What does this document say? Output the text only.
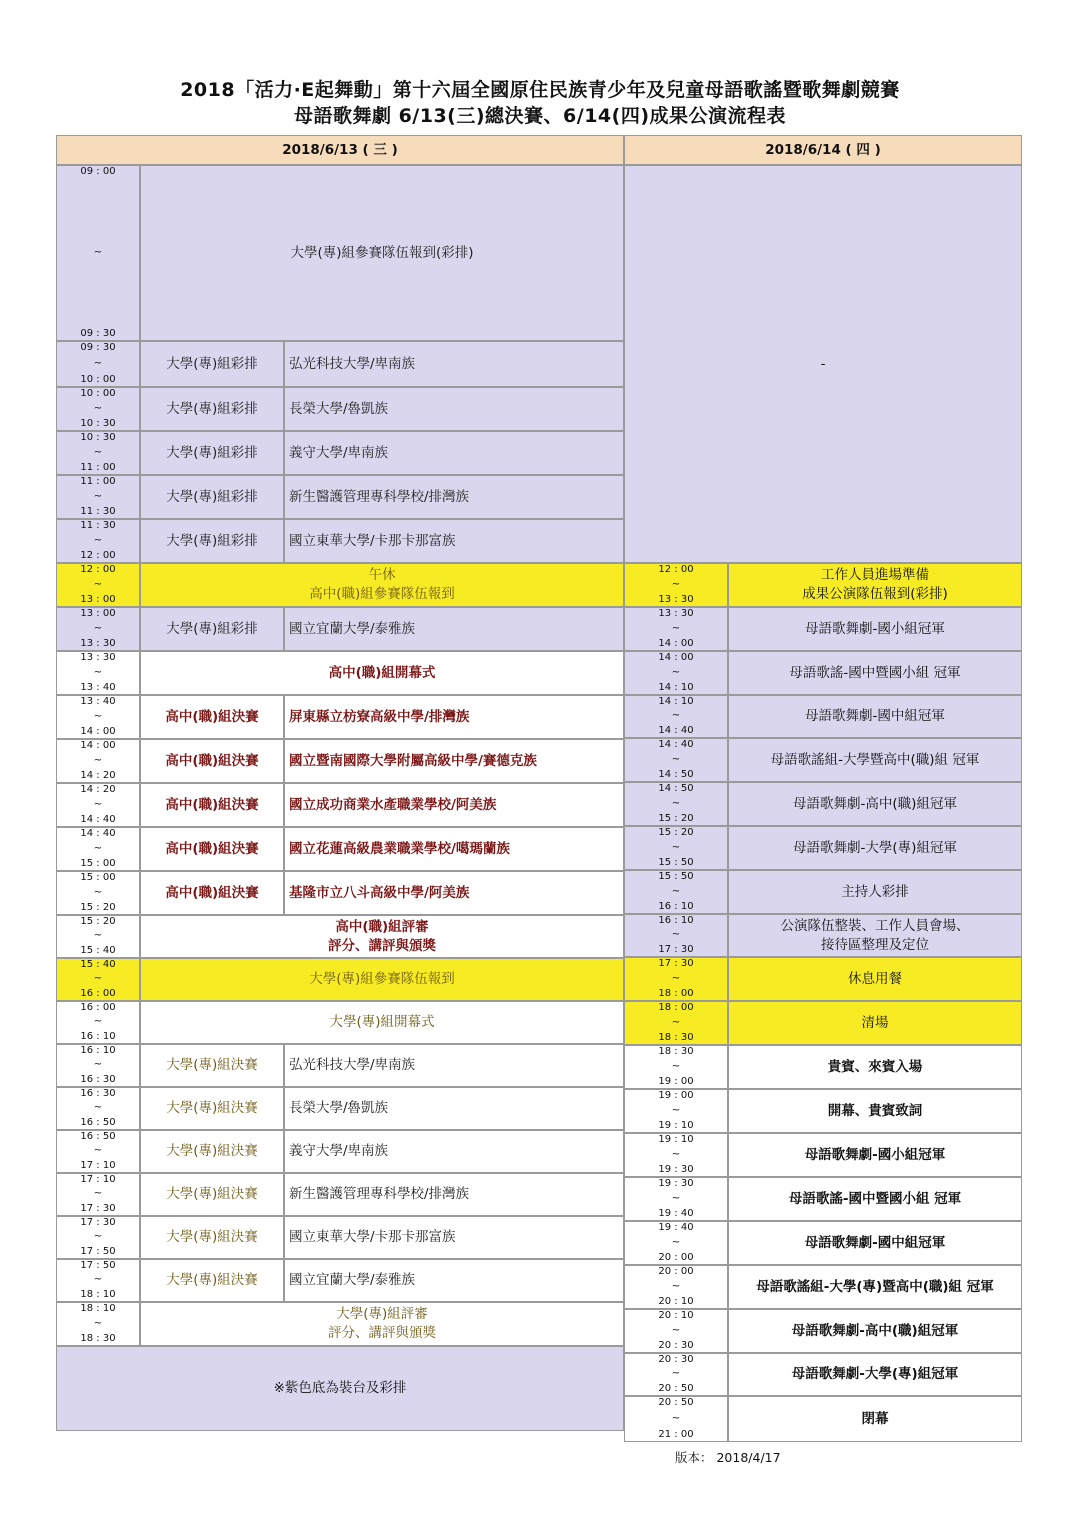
2018「活力·E起舞動」第十六屆全國原住民族青少年及兒童母語歌謠暨歌舞劇競賽
母語歌舞劇 6/13(三)總決賽、6/14(四)成果公演流程表
2018/6/13 ( 三 )	2018/6/14 ( 四 )
09 : 00
~
09 : 30
大學(專)組參賽隊伍報到(彩排)
09 : 30
~
10 : 00
大學(專)組彩排	弘光科技大學/卑南族
10 : 00
~
10 : 30
大學(專)組彩排	長榮大學/魯凱族
10 : 30
~
11 : 00
大學(專)組彩排	義守大學/卑南族
11 : 00
~
11 : 30
大學(專)組彩排	新生醫護管理專科學校/排灣族
11 : 30
~
12 : 00
大學(專)組彩排	國立東華大學/卡那卡那富族
12 : 00
~
13 : 00
午休
高中(職)組參賽隊伍報到
13 : 00
~
13 : 30
大學(專)組彩排	國立宜蘭大學/泰雅族
13 : 30
~
13 : 40
高中(職)組開幕式
13 : 40
~
14 : 00
高中(職)組決賽	屏東縣立枋寮高級中學/排灣族
14 : 00
~
14 : 20
高中(職)組決賽	國立暨南國際大學附屬高級中學/賽德克族
14 : 20
~
14 : 40
高中(職)組決賽	國立成功商業水產職業學校/阿美族
14 : 40
~
15 : 00
高中(職)組決賽	國立花蓮高級農業職業學校/噶瑪蘭族
15 : 00
~
15 : 20
高中(職)組決賽	基隆市立八斗高級中學/阿美族
15 : 20
~
15 : 40
高中(職)組評審
評分、講評與頒獎
15 : 40
~
16 : 00
大學(專)組參賽隊伍報到
16 : 00
~
16 : 10
大學(專)組開幕式
16 : 10
~
16 : 30
大學(專)組決賽	弘光科技大學/卑南族
16 : 30
~
16 : 50
大學(專)組決賽	長榮大學/魯凱族
16 : 50
~
17 : 10
大學(專)組決賽	義守大學/卑南族
17 : 10
~
17 : 30
大學(專)組決賽	新生醫護管理專科學校/排灣族
17 : 30
~
17 : 50
大學(專)組決賽	國立東華大學/卡那卡那富族
17 : 50
~
18 : 10
大學(專)組決賽	國立宜蘭大學/泰雅族
18 : 10
~
18 : 30
大學(專)組評審
評分、講評與頒獎
※紫色底為裝台及彩排
-
12 : 00
~
13 : 30
工作人員進場準備
成果公演隊伍報到(彩排)
13 : 30
~
14 : 00
母語歌舞劇-國小組冠軍
14 : 00
~
14 : 10
母語歌謠-國中暨國小組 冠軍
14 : 10
~
14 : 40
母語歌舞劇-國中組冠軍
14 : 40
~
14 : 50
母語歌謠組-大學暨高中(職)組 冠軍
14 : 50
~
15 : 20
母語歌舞劇-高中(職)組冠軍
15 : 20
~
15 : 50
母語歌舞劇-大學(專)組冠軍
15 : 50
~
16 : 10
主持人彩排
16 : 10
~
17 : 30
公演隊伍整裝、工作人員會場、
接待區整理及定位
17 : 30
~
18 : 00
休息用餐
18 : 00
~
18 : 30
清場
18 : 30
~
19 : 00
貴賓、來賓入場
19 : 00
~
19 : 10
開幕、貴賓致詞
19 : 10
~
19 : 30
母語歌舞劇-國小組冠軍
19 : 30
~
19 : 40
母語歌謠-國中暨國小組 冠軍
19 : 40
~
20 : 00
母語歌舞劇-國中組冠軍
20 : 00
~
20 : 10
母語歌謠組-大學(專)暨高中(職)組 冠軍
20 : 10
~
20 : 30
母語歌舞劇-高中(職)組冠軍
20 : 30
~
20 : 50
母語歌舞劇-大學(專)組冠軍
20 : 50
~
21 : 00
閉幕
版本： 2018/4/17
